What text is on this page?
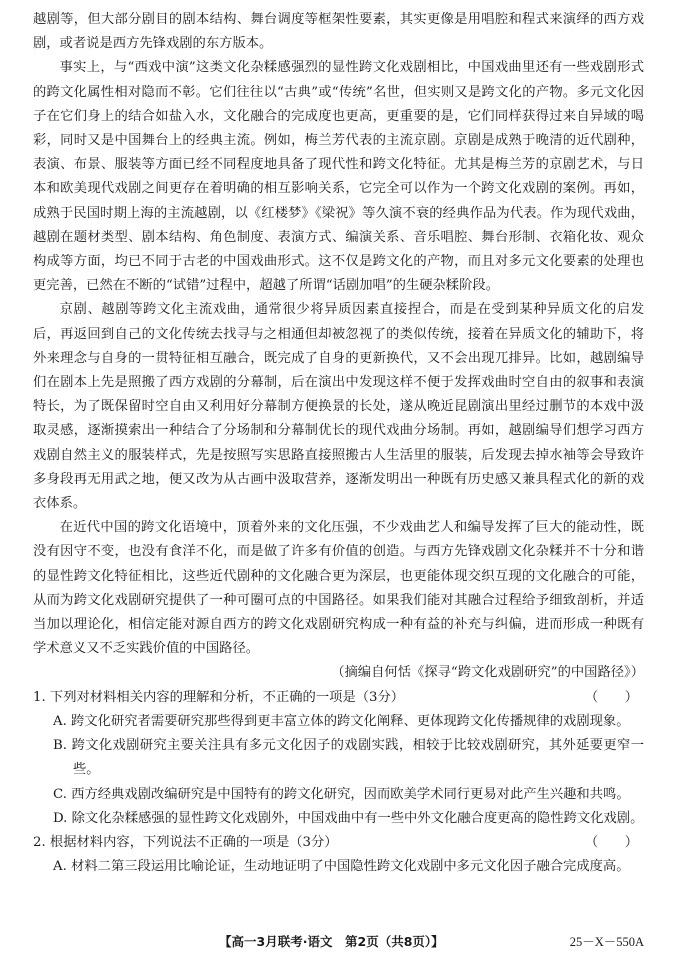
越剧等，但大部分剧目的剧本结构、舞台调度等框架性要素，其实更像是用唱腔和程式来演绎的西方戏剧，或者说是西方先锋戏剧的东方版本。

事实上，与“西戏中演”这类文化杂糅感强烈的显性跨文化戏剧相比，中国戏曲里还有一些戏剧形式的跨文化属性相对隐而不彰。它们往往以“古典”或“传统”名世，但实则又是跨文化的产物。多元文化因子在它们身上的结合如盐入水，文化融合的完成度也更高，更重要的是，它们同样获得过来自异域的喝彩，同时又是中国舞台上的经典主流。例如，梅兰芳代表的主流京剧。京剧是成熟于晚清的近代剧种，表演、布景、服装等方面已经不同程度地具备了现代性和跨文化特征。尤其是梅兰芳的京剧艺术，与日本和欧美现代戏剧之间更存在着明确的相互影响关系，它完全可以作为一个跨文化戏剧的案例。再如，成熟于民国时期上海的主流越剧，以《红楼梦》《梁祝》等久演不衰的经典作品为代表。作为现代戏曲，越剧在题材类型、剧本结构、角色制度、表演方式、编演关系、音乐唱腔、舞台形制、衣箱化妆、观众构成等方面，均已不同于古老的中国戏曲形式。这不仅是跨文化的产物，而且对多元文化要素的处理也更完善，已然在不断的“试错”过程中，超越了所谓“话剧加唱”的生硬杂糅阶段。

京剧、越剧等跨文化主流戏曲，通常很少将异质因素直接捏合，而是在受到某种异质文化的启发后，再返回到自己的文化传统去找寻与之相通但却被忽视了的类似传统，接着在异质文化的辅助下，将外来理念与自身的一贯特征相互融合，既完成了自身的更新换代，又不会出现兀排异。比如，越剧编导们在剧本上先是照搬了西方戏剧的分幕制，后在演出中发现这样不便于发挥戏曲时空自由的叙事和表演特长，为了既保留时空自由又利用好分幕制方便换景的长处，遂从晚近昆剧演出里经过删节的本戏中汲取灵感，逐渐摸索出一种结合了分场制和分幕制优长的现代戏曲分场制。再如，越剧编导们想学习西方戏剧自然主义的服装样式，先是按照写实思路直接照搬古人生活里的服装，后发现去掉水袖等会导致许多身段再无用武之地，便又改为从古画中汲取营养，逐渐发明出一种既有历史感又兼具程式化的新的戏衣体系。

在近代中国的跨文化语境中，顶着外来的文化压强，不少戏曲艺人和编导发挥了巨大的能动性，既没有因守不变，也没有食洋不化，而是做了许多有价值的创造。与西方先锋戏剧文化杂糅并不十分和谐的显性跨文化特征相比，这些近代剧种的文化融合更为深层，也更能体现交织互现的文化融合的可能，从而为跨文化戏剧研究提供了一种可圈可点的中国路径。如果我们能对其融合过程给予细致剖析，并适当加以理论化，相信定能对源自西方的跨文化戏剧研究构成一种有益的补充与纠偏，进而形成一种既有学术意义又不乏实践价值的中国路径。

（摘编自何恬《探寻“跨文化戏剧研究”的中国路径》）

1. 下列对材料相关内容的理解和分析，不正确的一项是（3分）	（　　）

A. 跨文化研究者需要研究那些得到更丰富立体的跨文化阐释、更体现跨文化传播规律的戏剧现象。

B. 跨文化戏剧研究主要关注具有多元文化因子的戏剧实践，相较于比较戏剧研究，其外延要更窄一些。

C. 西方经典戏剧改编研究是中国特有的跨文化研究，因而欧美学术同行更易对此产生兴趣和共鸣。

D. 除文化杂糅感强的显性跨文化戏剧外，中国戏曲中有一些中外文化融合度更高的隐性跨文化戏剧。

2. 根据材料内容，下列说法不正确的一项是（3分）	（　　）

A. 材料二第三段运用比喻论证，生动地证明了中国隐性跨文化戏剧中多元文化因子融合完成度高。

【高一3月联考·语文　第2页（共8页）】	25－X－550A
